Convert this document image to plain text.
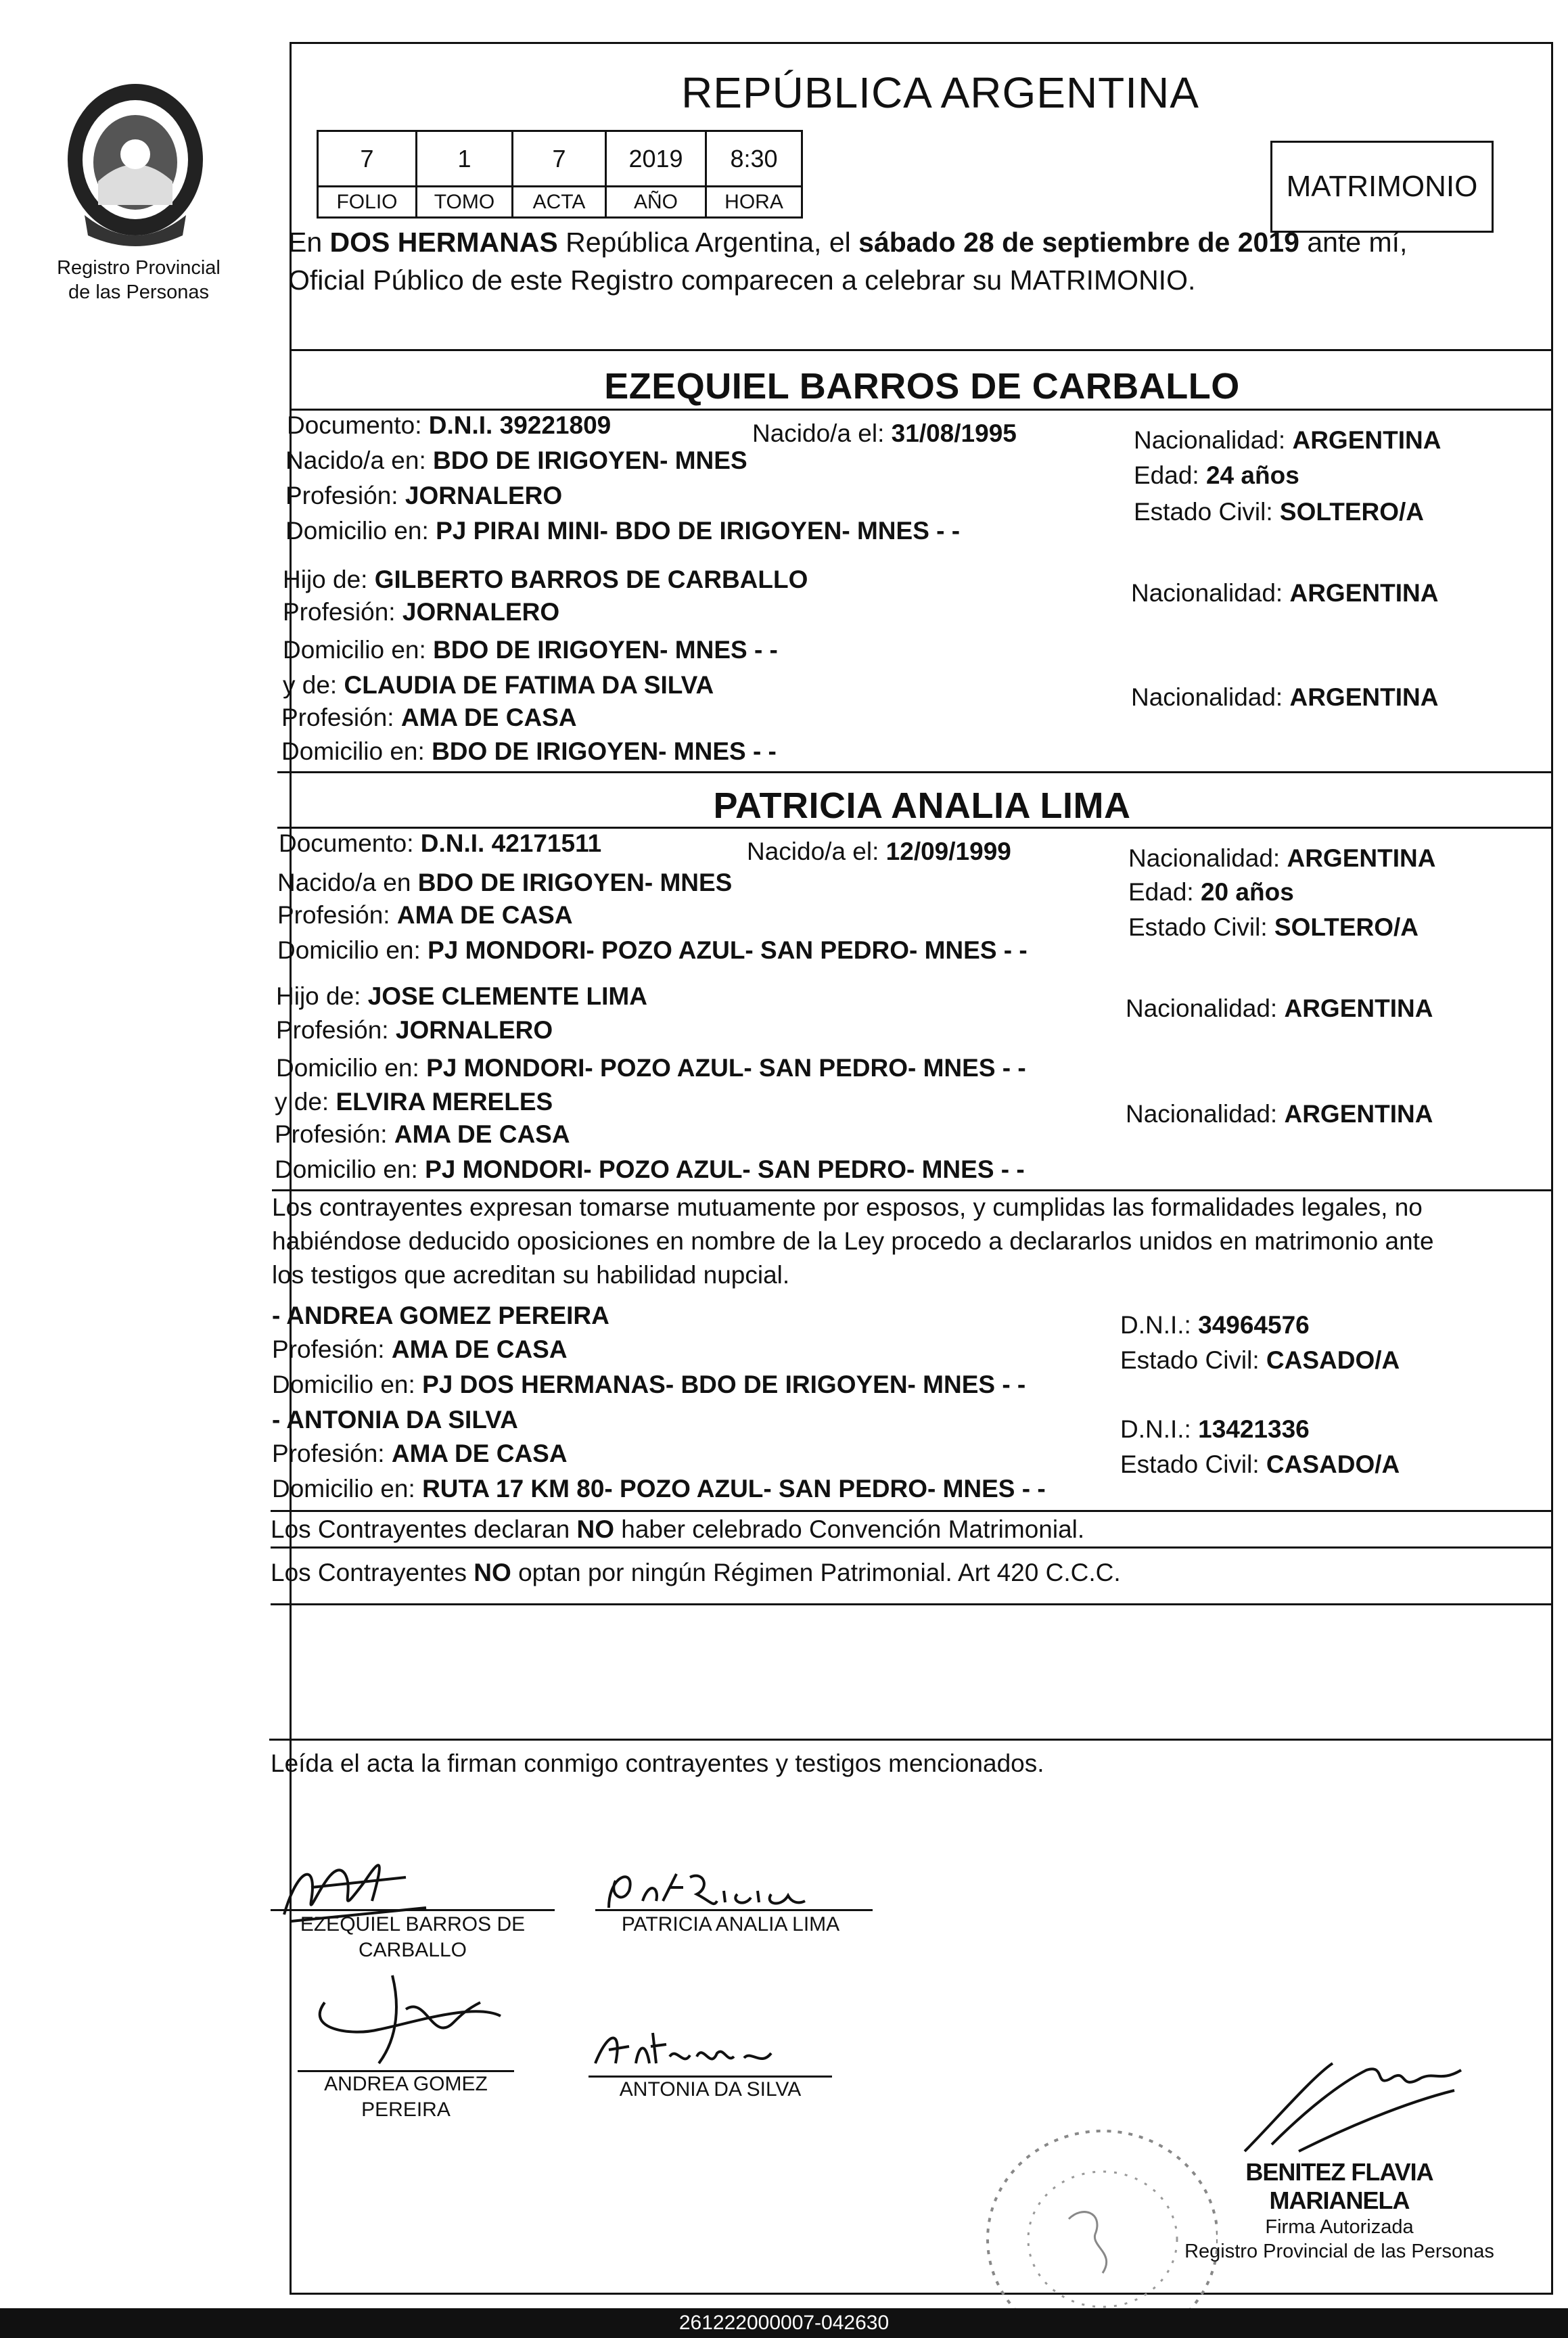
Registro Provincial
de las Personas
REPÚBLICA ARGENTINA
7	1	7	2019	8:30
FOLIO	TOMO	ACTA	AÑO	HORA	MATRIMONIO
En DOS HERMANAS República Argentina, el sábado 28 de septiembre de 2019 ante mí,
Oficial Público de este Registro comparecen a celebrar su MATRIMONIO.
EZEQUIEL BARROS DE CARBALLO
Documento: D.N.I. 39221809	Nacido/a el: 31/08/1995	Nacionalidad: ARGENTINA
Nacido/a en: BDO DE IRIGOYEN- MNES
Edad: 24 años
Profesión: JORNALERO
Estado Civil: SOLTERO/A
Domicilio en: PJ PIRAI MINI- BDO DE IRIGOYEN- MNES - -
Hijo de: GILBERTO BARROS DE CARBALLO	Nacionalidad: ARGENTINA
Profesión: JORNALERO
Domicilio en: BDO DE IRIGOYEN- MNES - -
y de: CLAUDIA DE FATIMA DA SILVA	Nacionalidad: ARGENTINA
Profesión: AMA DE CASA
Domicilio en: BDO DE IRIGOYEN- MNES - -
PATRICIA ANALIA LIMA
Documento: D.N.I. 42171511	Nacido/a el: 12/09/1999	Nacionalidad: ARGENTINA
Nacido/a en BDO DE IRIGOYEN- MNES	Edad: 20 años
Profesión: AMA DE CASA	Estado Civil: SOLTERO/A
Domicilio en: PJ MONDORI- POZO AZUL- SAN PEDRO- MNES - -
Hijo de: JOSE CLEMENTE LIMA	Nacionalidad: ARGENTINA
Profesión: JORNALERO
Domicilio en: PJ MONDORI- POZO AZUL- SAN PEDRO- MNES - -
y de: ELVIRA MERELES	Nacionalidad: ARGENTINA
Profesión: AMA DE CASA
Domicilio en: PJ MONDORI- POZO AZUL- SAN PEDRO- MNES - -
Los contrayentes expresan tomarse mutuamente por esposos, y cumplidas las formalidades legales, no
habiéndose deducido oposiciones en nombre de la Ley procedo a declararlos unidos en matrimonio ante
los testigos que acreditan su habilidad nupcial.
- ANDREA GOMEZ PEREIRA	D.N.I.: 34964576
Profesión: AMA DE CASA	Estado Civil: CASADO/A
Domicilio en: PJ DOS HERMANAS- BDO DE IRIGOYEN- MNES - -
- ANTONIA DA SILVA	D.N.I.: 13421336
Profesión: AMA DE CASA	Estado Civil: CASADO/A
Domicilio en: RUTA 17 KM 80- POZO AZUL- SAN PEDRO- MNES - -
Los Contrayentes declaran NO haber celebrado Convención Matrimonial.
Los Contrayentes NO optan por ningún Régimen Patrimonial. Art 420 C.C.C.
Leída el acta la firman conmigo contrayentes y testigos mencionados.
EZEQUIEL BARROS DE
CARBALLO
PATRICIA ANALIA LIMA
ANDREA GOMEZ
PEREIRA
ANTONIA DA SILVA
BENITEZ FLAVIA MARIANELA
Firma Autorizada
Registro Provincial de las Personas
261222000007-042630
